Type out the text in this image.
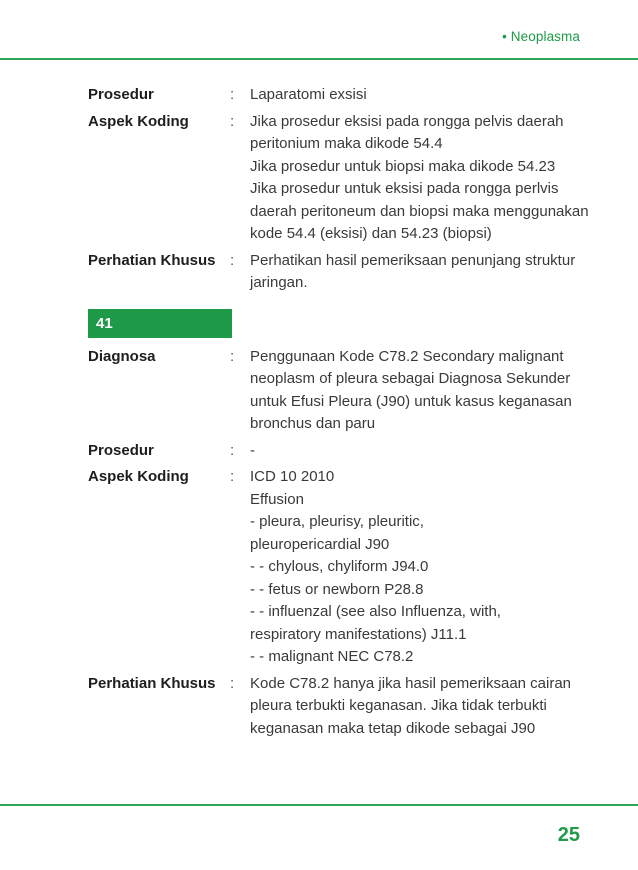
• Neoplasma
Prosedur	:	Laparatomi exsisi
Aspek Koding	:	Jika prosedur eksisi pada rongga pelvis daerah
peritonium maka dikode 54.4
Jika prosedur untuk biopsi maka dikode 54.23
Jika prosedur untuk eksisi pada rongga perlvis
daerah peritoneum dan biopsi maka menggunakan
kode 54.4 (eksisi) dan 54.23 (biopsi)
Perhatian Khusus :	Perhatikan hasil pemeriksaan penunjang struktur
jaringan.
41
Diagnosa	:	Penggunaan Kode C78.2 Secondary malignant
neoplasm of pleura sebagai Diagnosa Sekunder
untuk Efusi Pleura (J90) untuk kasus keganasan
bronchus dan paru
Prosedur	:	-
Aspek Koding	:	ICD 10 2010
Effusion
- pleura, pleurisy, pleuritic,
pleuropericardial J90
- - chylous, chyliform J94.0
- - fetus or newborn P28.8
- - influenzal (see also Influenza, with,
respiratory manifestations) J11.1
- - malignant NEC C78.2
Perhatian Khusus :	Kode C78.2 hanya jika hasil pemeriksaan cairan
pleura terbukti keganasan. Jika tidak terbukti
keganasan maka tetap dikode sebagai J90
25
